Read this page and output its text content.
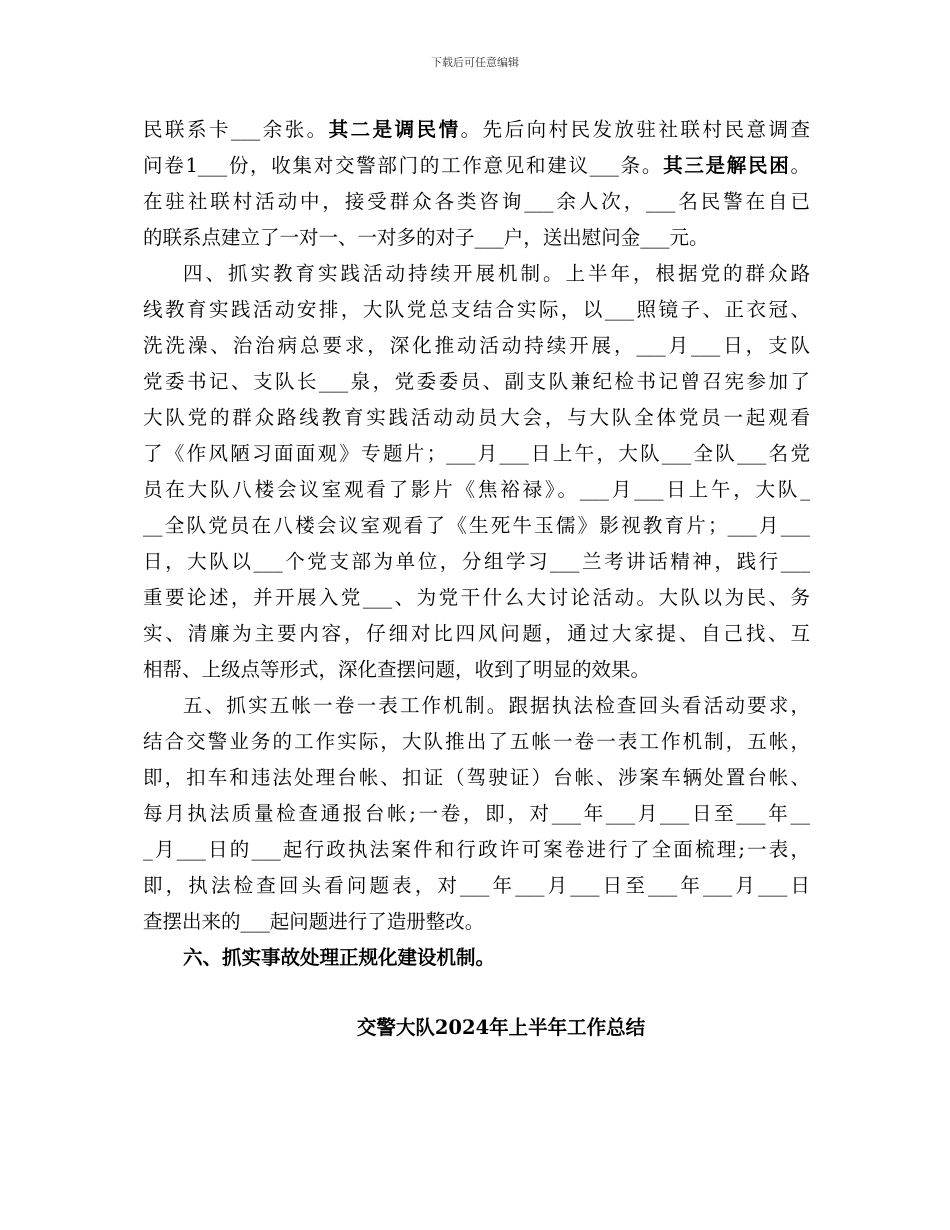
下载后可任意编辑
民联系卡___余张。其二是调民情。先后向村民发放驻社联村民意调查
问卷1___份，收集对交警部门的工作意见和建议___条。其三是解民困。
在驻社联村活动中，接受群众各类咨询___余人次，___名民警在自已
的联系点建立了一对一、一对多的对子___户，送出慰问金___元。
四、抓实教育实践活动持续开展机制。上半年，根据党的群众路
线教育实践活动安排，大队党总支结合实际，以___照镜子、正衣冠、
洗洗澡、治治病总要求，深化推动活动持续开展，___月___日，支队
党委书记、支队长___泉，党委委员、副支队兼纪检书记曾召宪参加了
大队党的群众路线教育实践活动动员大会，与大队全体党员一起观看
了《作风陋习面面观》专题片；___月___日上午，大队___全队___名党
员在大队八楼会议室观看了影片《焦裕禄》。___月___日上午，大队_
__全队党员在八楼会议室观看了《生死牛玉儒》影视教育片；___月___
日，大队以___个党支部为单位，分组学习___兰考讲话精神，践行___
重要论述，并开展入党___、为党干什么大讨论活动。大队以为民、务
实、清廉为主要内容，仔细对比四风问题，通过大家提、自己找、互
相帮、上级点等形式，深化查摆问题，收到了明显的效果。
五、抓实五帐一卷一表工作机制。跟据执法检查回头看活动要求，
结合交警业务的工作实际，大队推出了五帐一卷一表工作机制，五帐，
即，扣车和违法处理台帐、扣证（驾驶证）台帐、涉案车辆处置台帐、
每月执法质量检查通报台帐;一卷，即，对___年___月___日至___年__
_月___日的___起行政执法案件和行政许可案卷进行了全面梳理;一表，
即，执法检查回头看问题表，对___年___月___日至___年___月___日
查摆出来的___起问题进行了造册整改。
六、抓实事故处理正规化建设机制。
交警大队2024年上半年工作总结
